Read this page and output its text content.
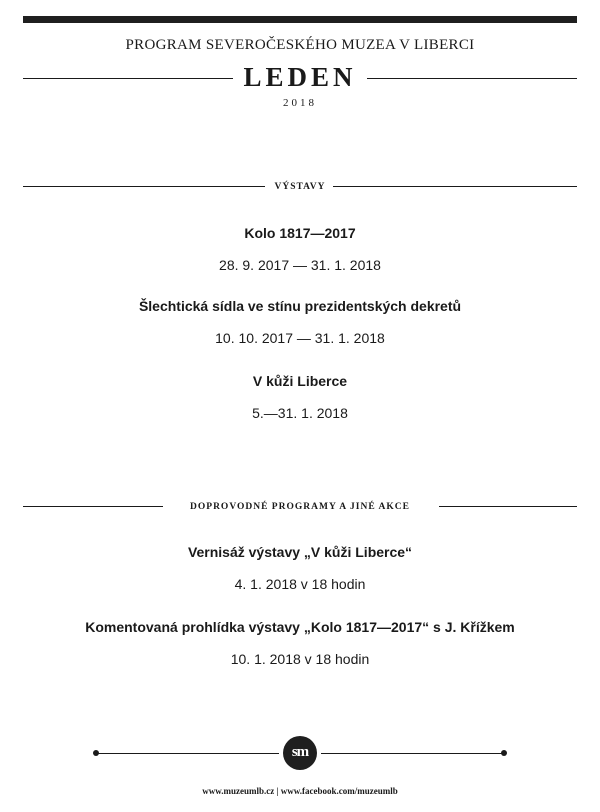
PROGRAM SEVEROČESKÉHO MUZEA V LIBERCI
LEDEN
2018
VÝSTAVY
Kolo 1817—2017
28. 9. 2017 — 31. 1. 2018
Šlechtická sídla ve stínu prezidentských dekretů
10. 10. 2017 — 31. 1. 2018
V kůži Liberce
5.—31. 1. 2018
DOPROVODNÉ PROGRAMY A JINÉ AKCE
Vernisáž výstavy „V kůži Liberce“
4. 1. 2018 v 18 hodin
Komentovaná prohlídka výstavy „Kolo 1817—2017“ s J. Křížkem
10. 1. 2018 v 18 hodin
sm
www.muzeumlb.cz | www.facebook.com/muzeumlb
